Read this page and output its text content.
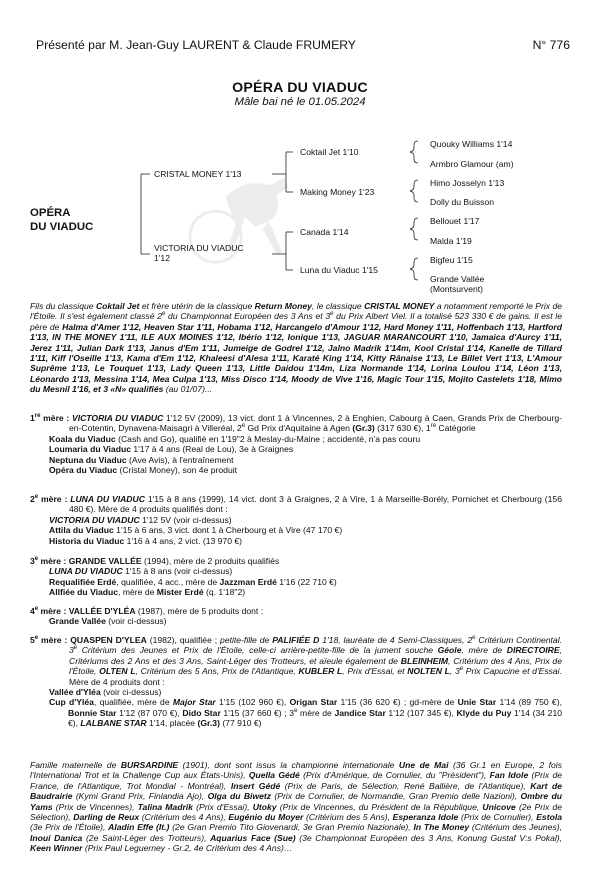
Présenté par M. Jean-Guy LAURENT & Claude FRUMERY	N° 776
OPÉRA DU VIADUC
Mâle bai né le 01.05.2024
OPÉRA
DU VIADUC
CRISTAL MONEY 1'13
VICTORIA DU VIADUC
1'12
Coktail Jet 1'10
Making Money 1'23
Canada 1'14
Luna du Viaduc 1'15
Quouky Williams 1'14
Armbro Glamour (am)
Himo Josselyn 1'13
Dolly du Buisson
Bellouet 1'17
Malda 1'19
Bigfeu 1'15
Grande Vallée
(Montsurvent)

Fils du classique Coktail Jet et frère utérin de la classique Return Money, le classique CRISTAL MONEY a notamment remporté le Prix de l'Étoile. Il s'est également classé 2e du Championnat Européen des 3 Ans et 3e du Prix Albert Viel. Il a totalisé 523 330 € de gains. Il est le père de Halma d'Amer 1'12, Heaven Star 1'11, Hobama 1'12, Harcangelo d'Amour 1'12, Hard Money 1'11, Hoffenbach 1'13, Hartford 1'13, IN THE MONEY 1'11, ILE AUX MOINES 1'12, Ibério 1'12, Ionique 1'13, JAGUAR MARANCOURT 1'10, Jamaica d'Aurcy 1'11, Jerez 1'11, Julian Dark 1'13, Janus d'Em 1'11, Jumeige de Godrel 1'12, Jalno Madrik 1'14m, Kool Cristal 1'14, Kanelle de Tillard 1'11, Kiff l'Oseille 1'13, Kama d'Em 1'12, Khaleesi d'Alesa 1'11, Karaté King 1'14, Kitty Rânaise 1'13, Le Billet Vert 1'13, L'Amour Suprême 1'13, Le Touquet 1'13, Lady Queen 1'13, Little Daidou 1'14m, Liza Normande 1'14, Lorina Loulou 1'14, Léon 1'13, Léonardo 1'13, Messina 1'14, Mea Culpa 1'13, Miss Disco 1'14, Moody de Vive 1'16, Magic Tour 1'15, Mojito Castelets 1'18, Mimo du Mesnil 1'16, et 3 «N» qualifiés (au 01/07)...

1re mère : VICTORIA DU VIADUC 1'12 5V (2009), 13 vict. dont 1 à Vincennes, 2 à Enghien, Cabourg à Caen, Grands Prix de Cherbourg-en-Cotentin, Dynavena-Maisagri à Villeréal, 2e Gd Prix d'Aquitaine à Agen (Gr.3) (317 630 €), 1re Catégorie

Koala du Viaduc (Cash and Go), qualifié en 1'19"2 à Meslay-du-Maine ; accidenté, n'a pas couru

Loumaria du Viaduc 1'17 à 4 ans (Real de Lou), 3e à Graignes

Neptuna du Viaduc (Ave Avis), à l'entraînement

Opéra du Viaduc (Cristal Money), son 4e produit

2e mère : LUNA DU VIADUC 1'15 à 8 ans (1999), 14 vict. dont 3 à Graignes, 2 à Vire, 1 à Marseille-Borély, Pornichet et Cherbourg (156 480 €). Mère de 4 produits qualifiés dont :

VICTORIA DU VIADUC 1'12 5V (voir ci-dessus)

Attila du Viaduc 1'15 à 6 ans, 3 vict. dont 1 à Cherbourg et à Vire (47 170 €)

Historia du Viaduc 1'16 à 4 ans, 2 vict. (13 970 €)

3e mère : GRANDE VALLÉE (1994), mère de 2 produits qualifiés

LUNA DU VIADUC 1'15 à 8 ans (voir ci-dessus)

Requalifiée Erdé, qualifiée, 4 acc., mère de Jazzman Erdé 1'16 (22 710 €)

Allfiée du Viaduc, mère de Mister Erdé (q. 1'18"2)

4e mère : VALLÉE D'YLÉA (1987), mère de 5 produits dont :

Grande Vallée (voir ci-dessus)

5e mère : QUASPEN D'YLEA (1982), qualifiée ; petite-fille de PALIFIÉE D 1'18, lauréate de 4 Semi-Classiques, 2e Critérium Continental. 3e Critérium des Jeunes et Prix de l'Étoile, celle-ci arrière-petite-fille de la jument souche Géole, mère de DIRECTOIRE, Critériums des 2 Ans et des 3 Ans, Saint-Léger des Trotteurs, et aïeule également de BLEINHEIM, Critérium des 4 Ans, Prix de l'Étoile, OLTEN L, Critérium des 5 Ans, Prix de l'Atlantique, KUBLER L, Prix d'Essai, et NOLTEN L, 3e Prix Capucine et d'Essai. Mère de 4 produits dont :

Vallée d'Yléa (voir ci-dessus)

Cup d'Yléa, qualifiée, mère de Major Star 1'15 (102 960 €), Origan Star 1'15 (36 620 €) ; gd-mère de Unie Star 1'14 (89 750 €), Bonnie Star 1'12 (87 070 €), Dido Star 1'15 (37 660 €) ; 3e mère de Jandice Star 1'12 (107 345 €), Klyde du Puy 1'14 (34 210 €), LALBANE STAR 1'14, placée (Gr.3) (77 910 €)

Famille maternelle de BURSARDINE (1901), dont sont issus la championne internationale Une de Mai (36 Gr.1 en Europe, 2 fois l'International Trot et la Challenge Cup aux États-Unis), Quella Gédé (Prix d'Amérique, de Cornulier, du "Président"), Fan Idole (Prix de France, de l'Atlantique, Trot Mondial - Montréal), Insert Gédé (Prix de Paris, de Sélection, René Ballière, de l'Atlantique), Kart de Baudrairie (Kymi Grand Prix, Finlandia Ajo), Olga du Biwetz (Prix de Cornulier, de Normandie, Gran Premio delle Nazioni), Ombre du Yams (Prix de Vincennes), Talina Madrik (Prix d'Essai), Utoky (Prix de Vincennes, du Président de la République, Unicove (2e Prix de Sélection), Darling de Reux (Critérium des 4 Ans), Eugénio du Moyer (Critérium des 5 Ans), Esperanza Idole (Prix de Cornulier), Estola (3e Prix de l'Étoile), Aladin Effe (It.) (2e Gran Premio Tito Giovenardi, 3e Gran Premio Nazionale), In The Money (Critérium des Jeunes), Inoui Danica (2e Saint-Léger des Trotteurs), Aquarius Face (Sue) (3e Championnat Européen des 3 Ans, Konung Gustaf V:s Pokal), Keen Winner (Prix Paul Leguerney - Gr.2, 4e Critérium des 4 Ans)…
